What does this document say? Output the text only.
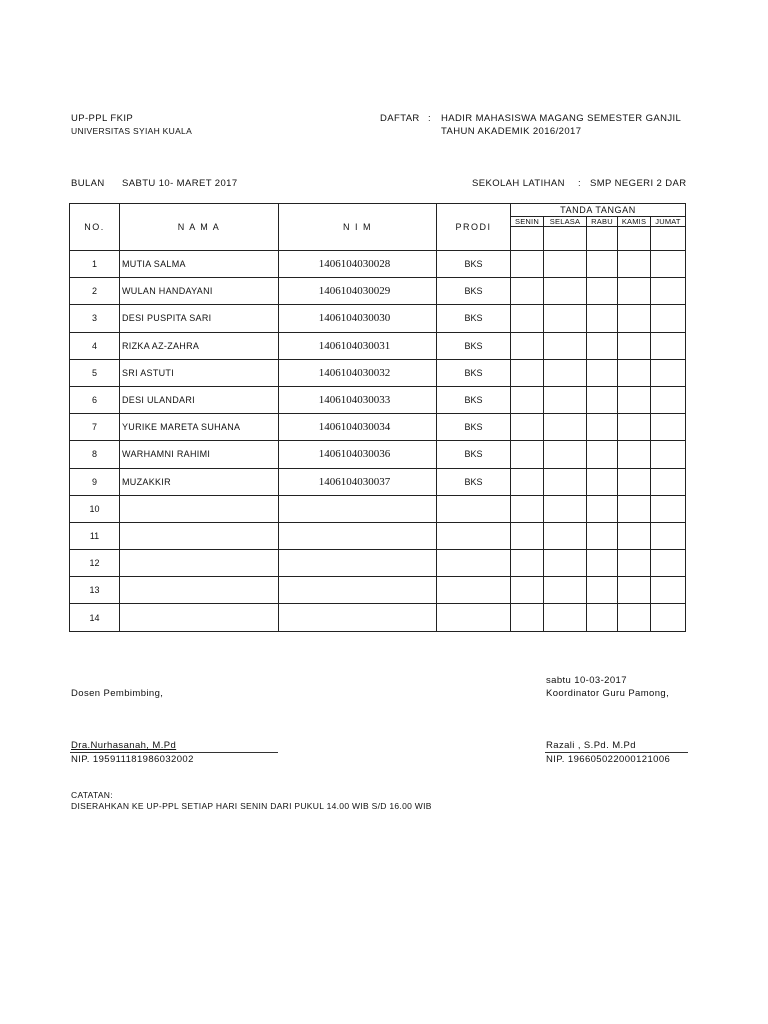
UP-PPL FKIP
UNIVERSITAS SYIAH KUALA
DAFTAR : HADIR MAHASISWA MAGANG SEMESTER GANJIL
TAHUN AKADEMIK 2016/2017
BULAN SABTU 10- MARET 2017	SEKOLAH LATIHAN : SMP NEGERI 2 DAR
NO.	N A M A	N I M	PRODI	TANDA TANGAN				
				SENIN	SELASA	RABU	KAMIS	JUMAT

1	MUTIA SALMA	1406104030028	BKS					
2	WULAN HANDAYANI	1406104030029	BKS					
3	DESI PUSPITA SARI	1406104030030	BKS					
4	RIZKA AZ-ZAHRA	1406104030031	BKS					
5	SRI ASTUTI	1406104030032	BKS					
6	DESI ULANDARI	1406104030033	BKS					
7	YURIKE MARETA SUHANA	1406104030034	BKS					
8	WARHAMNI RAHIMI	1406104030036	BKS					
9	MUZAKKIR	1406104030037	BKS					
10								
11								
12								
13								
14								
sabtu 10-03-2017
Dosen Pembimbing,	Koordinator Guru Pamong,
Dra.Nurhasanah, M.Pd
NIP. 195911181986032002
Razali , S.Pd. M.Pd
NIP. 196605022000121006
CATATAN:
DISERAHKAN KE UP-PPL SETIAP HARI SENIN DARI PUKUL 14.00 WIB S/D 16.00 WIB
